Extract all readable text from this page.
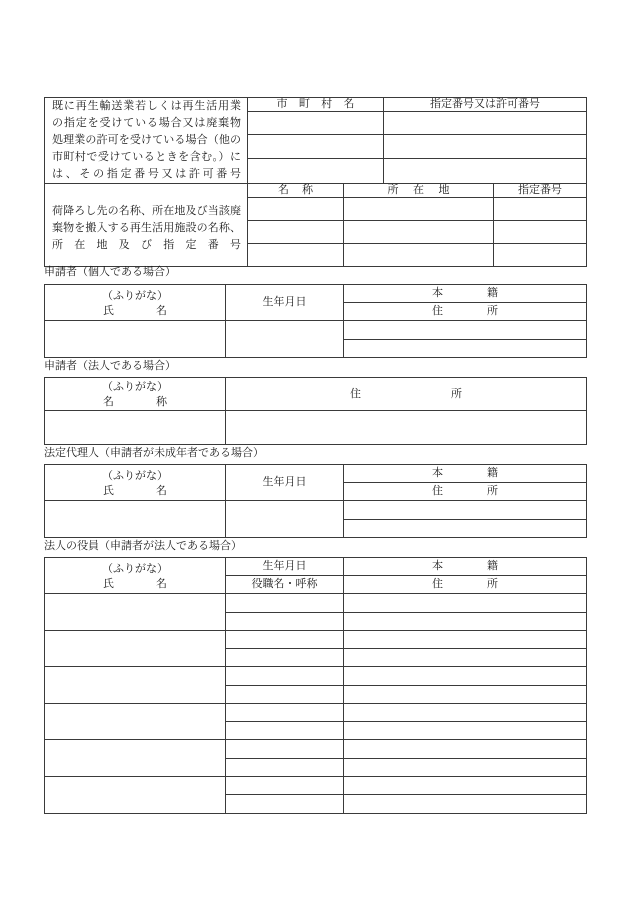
既に再生輸送業若しくは再生活用業
の指定を受けている場合又は廃棄物
処理業の許可を受けている場合（他の
市町村で受けているときを含む。）に
は、その指定番号又は許可番号	市町村名		指定番号又は許可番号	

荷降ろし先の名称、所在地及び当該廃
棄物を搬入する再生活用施設の名称、
所在地及び指定番号	名称	所在地		指定番号

申請者（個人である場合）
（ふりがな）
氏名	生年月日	本籍
		住所

申請者（法人である場合）
（ふりがな）
名称	住所

法定代理人（申請者が未成年者である場合）
（ふりがな）
氏名	生年月日	本籍
		住所

法人の役員（申請者が法人である場合）
（ふりがな）
氏名	生年月日	本籍
	役職名・呼称	住所
